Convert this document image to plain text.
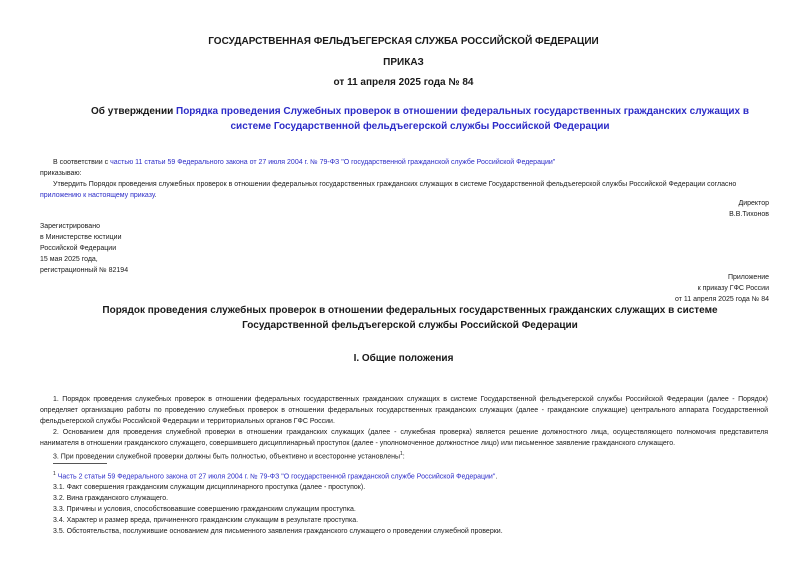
ГОСУДАРСТВЕННАЯ ФЕЛЬДЪЕГЕРСКАЯ СЛУЖБА РОССИЙСКОЙ ФЕДЕРАЦИИ
ПРИКАЗ
от 11 апреля 2025 года № 84
Об утверждении Порядка проведения Служебных проверок в отношении федеральных государственных гражданских служащих в системе Государственной фельдъегерской службы Российской Федерации
В соответствии с частью 11 статьи 59 Федерального закона от 27 июля 2004 г. № 79-ФЗ "О государственной гражданской службе Российской Федерации"
приказываю:
Утвердить Порядок проведения служебных проверок в отношении федеральных государственных гражданских служащих в системе Государственной фельдъегерской службы Российской Федерации согласно приложению к настоящему приказу.
Директор
В.В.Тихонов
Зарегистрировано
в Министерстве юстиции
Российской Федерации
15 мая 2025 года,
регистрационный № 82194
Приложение
к приказу ГФС России
от 11 апреля 2025 года № 84
Порядок проведения служебных проверок в отношении федеральных государственных гражданских служащих в системе Государственной фельдъегерской службы Российской Федерации
I. Общие положения
1. Порядок проведения служебных проверок в отношении федеральных государственных гражданских служащих в системе Государственной фельдъегерской службы Российской Федерации (далее - Порядок) определяет организацию работы по проведению служебных проверок в отношении федеральных государственных гражданских служащих (далее - гражданские служащие) центрального аппарата Государственной фельдъегерской службы Российской Федерации и территориальных органов ГФС России.
2. Основанием для проведения служебной проверки в отношении гражданских служащих (далее - служебная проверка) является решение должностного лица, осуществляющего полномочия представителя нанимателя в отношении гражданского служащего, совершившего дисциплинарный проступок (далее - уполномоченное должностное лицо) или письменное заявление гражданского служащего.
3. При проведении служебной проверки должны быть полностью, объективно и всесторонне установлены$^1$:
$^1$ Часть 2 статьи 59 Федерального закона от 27 июля 2004 г. № 79-ФЗ "О государственной гражданской службе Российской Федерации".
3.1. Факт совершения гражданским служащим дисциплинарного проступка (далее - проступок).
3.2. Вина гражданского служащего.
3.3. Причины и условия, способствовавшие совершению гражданским служащим проступка.
3.4. Характер и размер вреда, причиненного гражданским служащим в результате проступка.
3.5. Обстоятельства, послужившие основанием для письменного заявления гражданского служащего о проведении служебной проверки.
